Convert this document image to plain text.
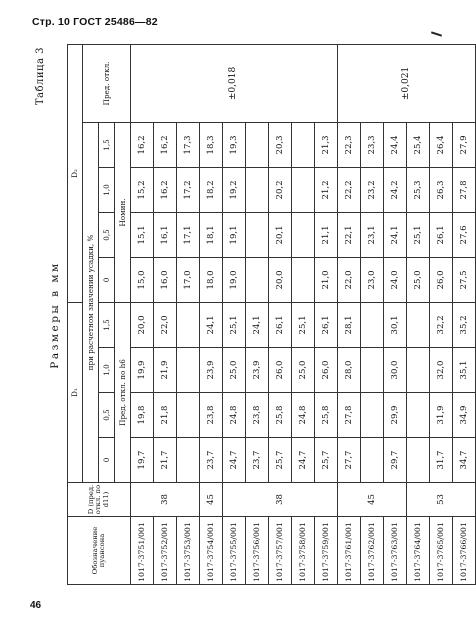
Стр. 10 ГОСТ 25486—82
Таблица 3
Размеры в мм
Обозначение пуансона	D (пред. откл. по d11)	D₁				D₂				
		при расчетном значении усадки, %								Пред. откл.
		0	0,5	1,0	1,5	0	0,5	1,0	1,5	
		Пред. откл. по h6				Номин.				
1017-3751/001	38	19,7	19,8	19,9	20,0	15,0	15,1	15,2	16,2	±0,018
1017-3752/001		21,7	21,8	21,9	22,0	16,0	16,1	16,2	16,2	
1017-3753/001						17,0	17,1	17,2	17,3	
1017-3754/001	45	23,7	23,8	23,9	24,1	18,0	18,1	18,2	18,3	
1017-3755/001	38	24,7	24,8	25,0	25,1	19,0	19,1	19,2	19,3	
1017-3756/001		23,7	23,8	23,9	24,1					
1017-3757/001		25,7	25,8	26,0	26,1	20,0	20,1	20,2	20,3	
1017-3758/001		24,7	24,8	25,0	25,1					
1017-3759/001		25,7	25,8	26,0	26,1	21,0	21,1	21,2	21,3	
1017-3761/001	45	27,7	27,8	28,0	28,1	22,0	22,1	22,2	22,3	±0,021
1017-3762/001						23,0	23,1	23,2	23,3	
1017-3763/001		29,7	29,9	30,0	30,1	24,0	24,1	24,2	24,4	
1017-3764/001	53					25,0	25,1	25,3	25,4	
1017-3765/001		31,7	31,9	32,0	32,2	26,0	26,1	26,3	26,4	
1017-3766/001		34,7	34,9	35,1	35,2	27,5	27,6	27,8	27,9	
46
